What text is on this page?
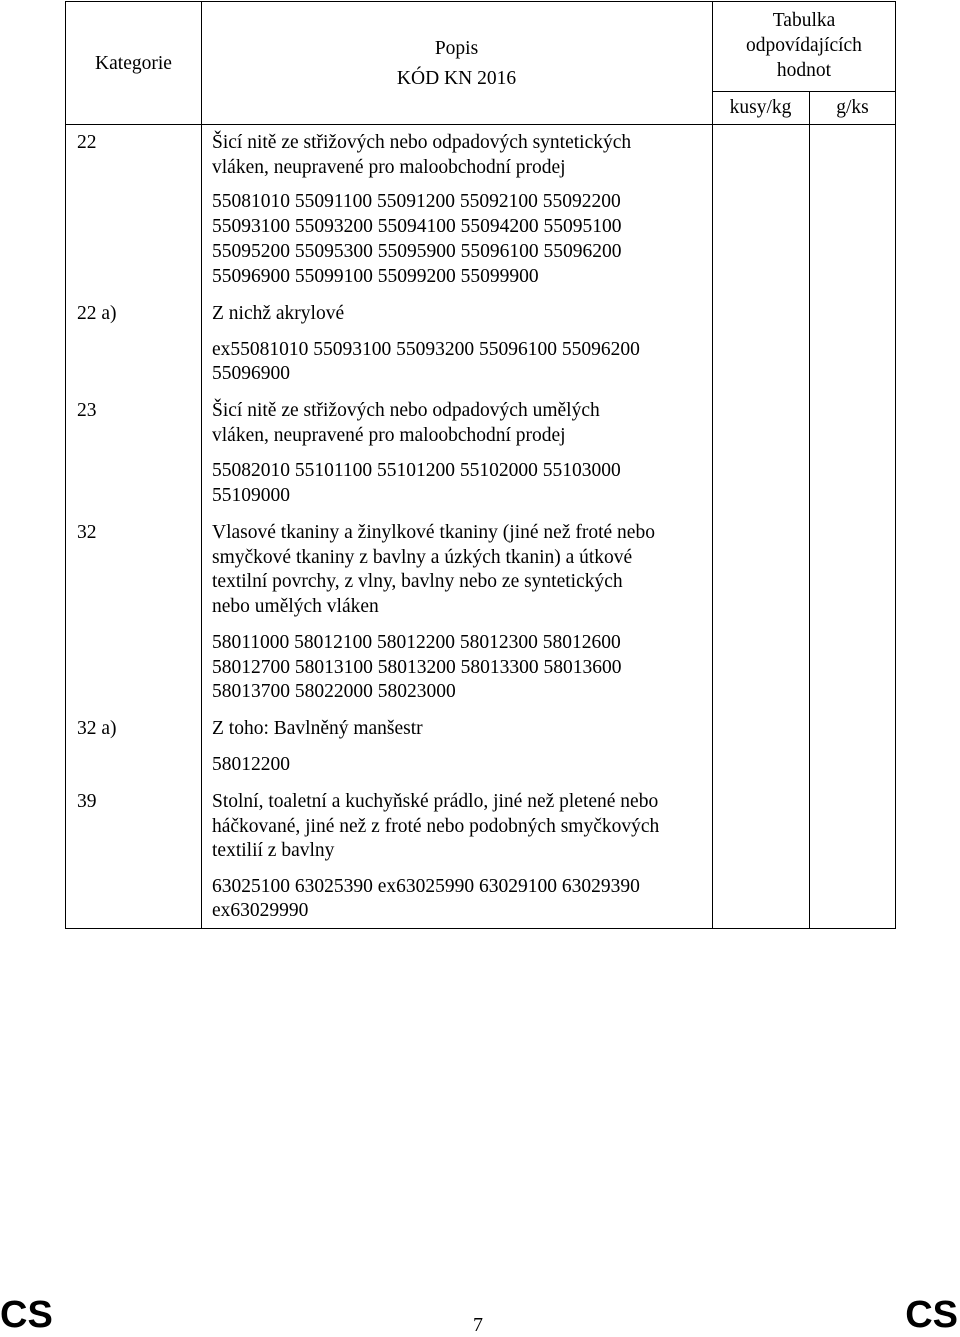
Kategorie
Popis
KÓD KN 2016
Tabulka
odpovídajících
hodnot
kusy/kg	g/ks
22	Šicí nitě ze střižových nebo odpadových syntetických
vláken, neupravené pro maloobchodní prodej
55081010 55091100 55091200 55092100 55092200
55093100 55093200 55094100 55094200 55095100
55095200 55095300 55095900 55096100 55096200
55096900 55099100 55099200 55099900
22 a)	Z nichž akrylové
ex55081010 55093100 55093200 55096100 55096200
55096900
23	Šicí nitě ze střižových nebo odpadových umělých
vláken, neupravené pro maloobchodní prodej
55082010 55101100 55101200 55102000 55103000
55109000
32	Vlasové tkaniny a žinylkové tkaniny (jiné než froté nebo
smyčkové tkaniny z bavlny a úzkých tkanin) a útkové
textilní povrchy, z vlny, bavlny nebo ze syntetických
nebo umělých vláken
58011000 58012100 58012200 58012300 58012600
58012700 58013100 58013200 58013300 58013600
58013700 58022000 58023000
32 a)	Z toho: Bavlněný manšestr
58012200
39	Stolní, toaletní a kuchyňské prádlo, jiné než pletené nebo
háčkované, jiné než z froté nebo podobných smyčkových
textilií z bavlny
63025100 63025390 ex63025990 63029100 63029390
ex63029990
CS	7	CS
